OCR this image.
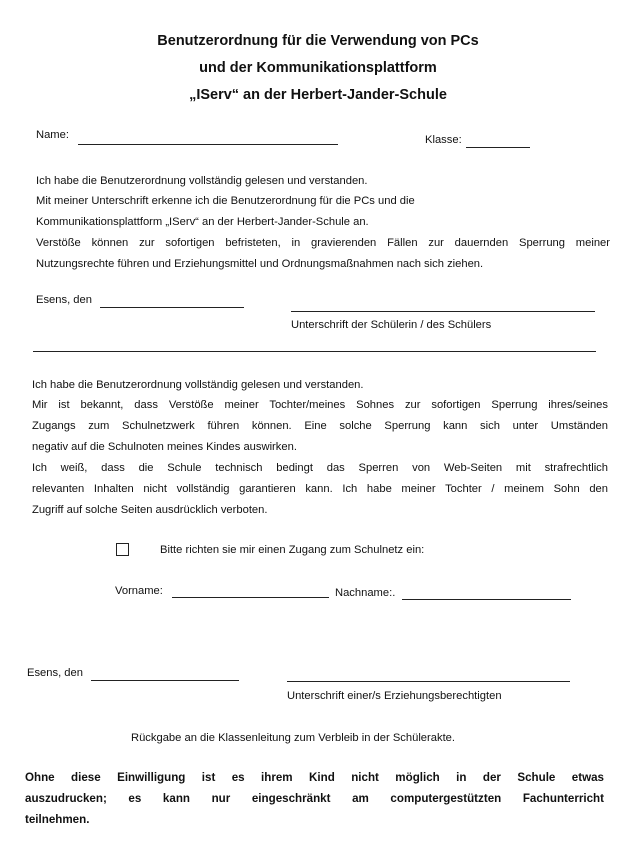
Benutzerordnung für die Verwendung von PCs
und der Kommunikationsplattform
„IServ“ an der Herbert-Jander-Schule
Name:	Klasse:
Ich habe die Benutzerordnung vollständig gelesen und verstanden.
Mit meiner Unterschrift erkenne ich die Benutzerordnung für die PCs und die
Kommunikationsplattform „IServ“ an der Herbert-Jander-Schule an.
Verstöße können zur sofortigen befristeten, in gravierenden Fällen zur dauernden Sperrung meiner
Nutzungsrechte führen und Erziehungsmittel und Ordnungsmaßnahmen nach sich ziehen.
Esens, den
Unterschrift der Schülerin / des Schülers
Ich habe die Benutzerordnung vollständig gelesen und verstanden.
Mir ist bekannt, dass Verstöße meiner Tochter/meines Sohnes zur sofortigen Sperrung ihres/seines
Zugangs zum Schulnetzwerk führen können. Eine solche Sperrung kann sich unter Umständen
negativ auf die Schulnoten meines Kindes auswirken.
Ich weiß, dass die Schule technisch bedingt das Sperren von Web-Seiten mit strafrechtlich
relevanten Inhalten nicht vollständig garantieren kann. Ich habe meiner Tochter / meinem Sohn den
Zugriff auf solche Seiten ausdrücklich verboten.
Bitte richten sie mir einen Zugang zum Schulnetz ein:
Vorname:	Nachname:.
Esens, den
Unterschrift einer/s Erziehungsberechtigten
Rückgabe an die Klassenleitung zum Verbleib in der Schülerakte.
Ohne diese Einwilligung ist es ihrem Kind nicht möglich in der Schule etwas
auszudrucken; es kann nur eingeschränkt am computergestützten Fachunterricht
teilnehmen.
